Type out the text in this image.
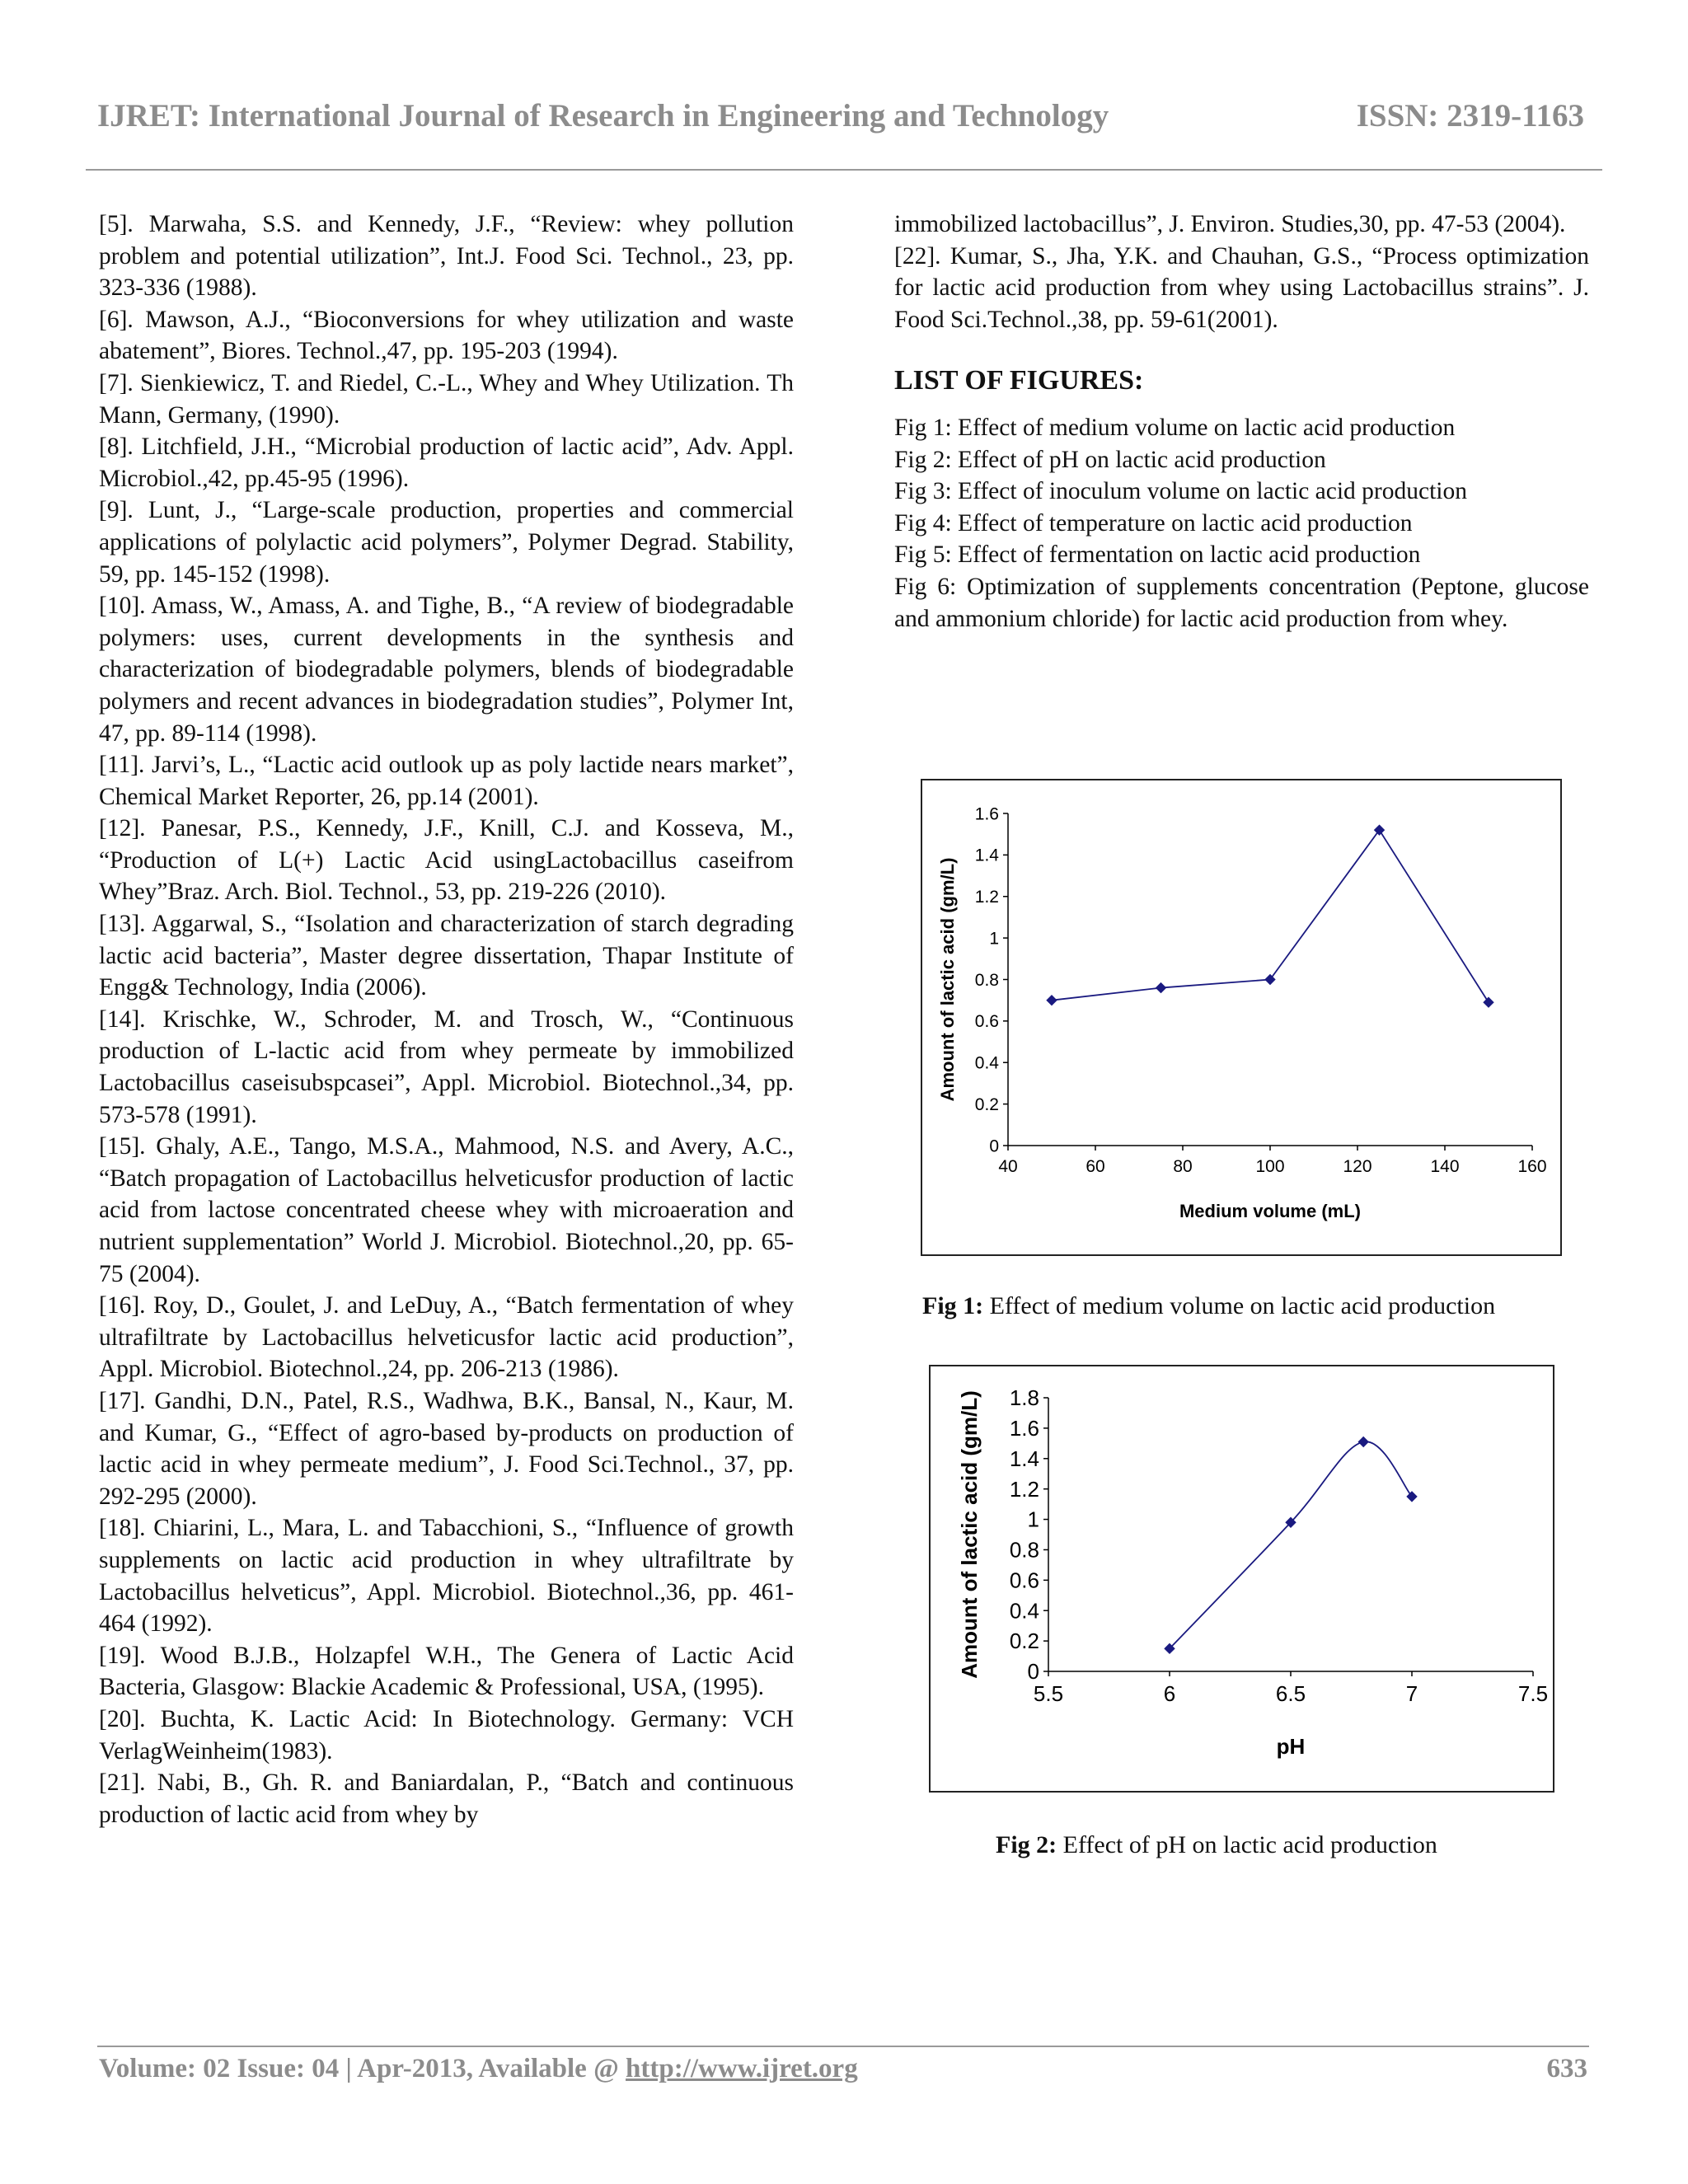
IJRET: International Journal of Research in Engineering and Technology	ISSN: 2319-1163

[5]. Marwaha, S.S. and Kennedy, J.F., “Review: whey pollution problem and potential utilization”, Int.J. Food Sci. Technol., 23, pp. 323-336 (1988).

[6]. Mawson, A.J., “Bioconversions for whey utilization and waste abatement”, Biores. Technol.,47, pp. 195-203 (1994).

[7]. Sienkiewicz, T. and Riedel, C.-L., Whey and Whey Utilization. Th Mann, Germany, (1990).

[8]. Litchfield, J.H., “Microbial production of lactic acid”, Adv. Appl. Microbiol.,42, pp.45-95 (1996).

[9]. Lunt, J., “Large-scale production, properties and commercial applications of polylactic acid polymers”, Polymer Degrad. Stability, 59, pp. 145-152 (1998).

[10]. Amass, W., Amass, A. and Tighe, B., “A review of biodegradable polymers: uses, current developments in the synthesis and characterization of biodegradable polymers, blends of biodegradable polymers and recent advances in biodegradation studies”, Polymer Int, 47, pp. 89-114 (1998).

[11]. Jarvi’s, L., “Lactic acid outlook up as poly lactide nears market”, Chemical Market Reporter, 26, pp.14 (2001).

[12]. Panesar, P.S., Kennedy, J.F., Knill, C.J. and Kosseva, M., “Production of L(+) Lactic Acid usingLactobacillus caseifrom Whey”Braz. Arch. Biol. Technol., 53, pp. 219-226 (2010).

[13]. Aggarwal, S., “Isolation and characterization of starch degrading lactic acid bacteria”, Master degree dissertation, Thapar Institute of Engg& Technology, India (2006).

[14]. Krischke, W., Schroder, M. and Trosch, W., “Continuous production of L-lactic acid from whey permeate by immobilized Lactobacillus caseisubspcasei”, Appl. Microbiol. Biotechnol.,34, pp. 573-578 (1991).

[15]. Ghaly, A.E., Tango, M.S.A., Mahmood, N.S. and Avery, A.C., “Batch propagation of Lactobacillus helveticusfor production of lactic acid from lactose concentrated cheese whey with microaeration and nutrient supplementation” World J. Microbiol. Biotechnol.,20, pp. 65-75 (2004).

[16]. Roy, D., Goulet, J. and LeDuy, A., “Batch fermentation of whey ultrafiltrate by Lactobacillus helveticusfor lactic acid production”, Appl. Microbiol. Biotechnol.,24, pp. 206-213 (1986).

[17]. Gandhi, D.N., Patel, R.S., Wadhwa, B.K., Bansal, N., Kaur, M. and Kumar, G., “Effect of agro-based by-products on production of lactic acid in whey permeate medium”, J. Food Sci.Technol., 37, pp. 292-295 (2000).

[18]. Chiarini, L., Mara, L. and Tabacchioni, S., “Influence of growth supplements on lactic acid production in whey ultrafiltrate by Lactobacillus helveticus”, Appl. Microbiol. Biotechnol.,36, pp. 461-464 (1992).

[19]. Wood B.J.B., Holzapfel W.H., The Genera of Lactic Acid Bacteria, Glasgow: Blackie Academic & Professional, USA, (1995).

[20]. Buchta, K. Lactic Acid: In Biotechnology. Germany: VCH VerlagWeinheim(1983).

[21]. Nabi, B., Gh. R. and Baniardalan, P., “Batch and continuous production of lactic acid from whey by

immobilized lactobacillus”, J. Environ. Studies,30, pp. 47-53 (2004).

[22]. Kumar, S., Jha, Y.K. and Chauhan, G.S., “Process optimization for lactic acid production from whey using Lactobacillus strains”. J. Food Sci.Technol.,38, pp. 59-61(2001).

LIST OF FIGURES:

Fig 1: Effect of medium volume on lactic acid production

Fig 2: Effect of pH on lactic acid production

Fig 3: Effect of inoculum volume on lactic acid production

Fig 4: Effect of temperature on lactic acid production

Fig 5: Effect of fermentation on lactic acid production

Fig 6: Optimization of supplements concentration (Peptone, glucose and ammonium chloride) for lactic acid production from whey.

0
0.2
0.4
0.6
0.8
1
1.2
1.4
1.6
40	60	80	100	120	140	160
Medium volume (mL)
Amount of lactic acid (gm/L)
Fig 1: Effect of medium volume on lactic acid production
0
0.2
0.4
0.6
0.8
1
1.2
1.4
1.6
1.8
5.5	6	6.5	7	7.5
pH
Amount of lactic acid (gm/L)
Fig 2: Effect of pH on lactic acid production
Volume: 02 Issue: 04 | Apr-2013, Available @ http://www.ijret.org	633
